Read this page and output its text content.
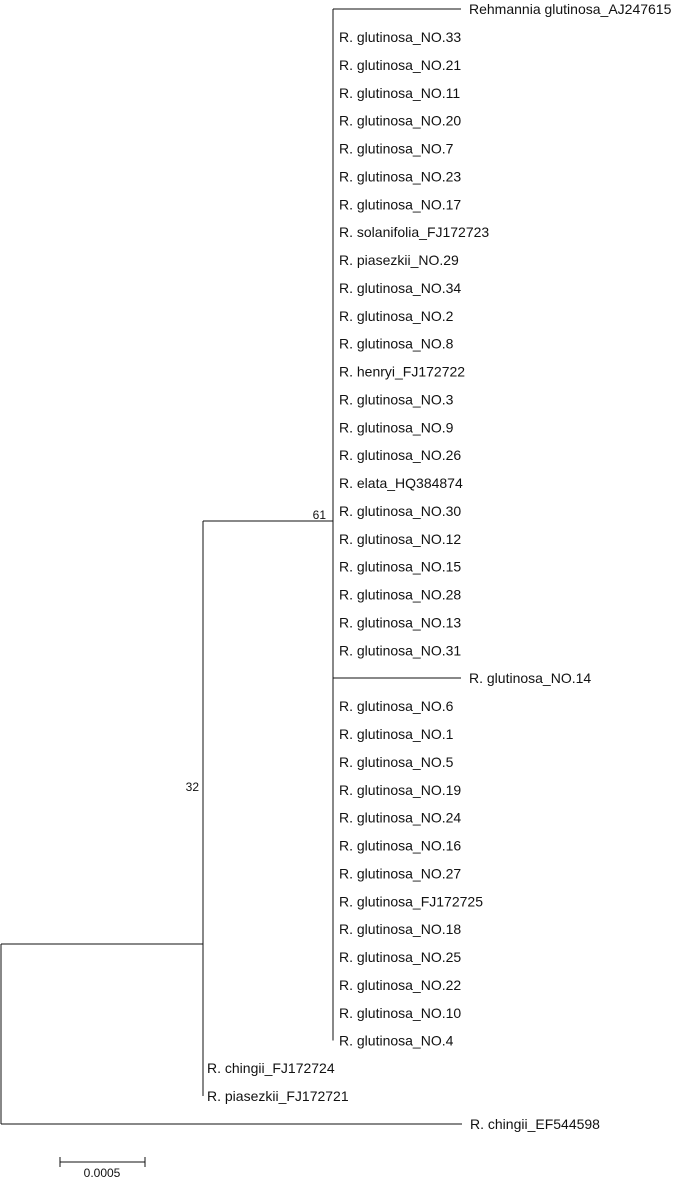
Rehmannia glutinosa_AJ247615
R. glutinosa_NO.33
R. glutinosa_NO.21
R. glutinosa_NO.11
R. glutinosa_NO.20
R. glutinosa_NO.7
R. glutinosa_NO.23
R. glutinosa_NO.17
R. solanifolia_FJ172723
R. piasezkii_NO.29
R. glutinosa_NO.34
R. glutinosa_NO.2
R. glutinosa_NO.8
R. henryi_FJ172722
R. glutinosa_NO.3
R. glutinosa_NO.9
R. glutinosa_NO.26
R. elata_HQ384874
R. glutinosa_NO.30
R. glutinosa_NO.12
R. glutinosa_NO.15
R. glutinosa_NO.28
R. glutinosa_NO.13
R. glutinosa_NO.31
R. glutinosa_NO.14
R. glutinosa_NO.6
R. glutinosa_NO.1
R. glutinosa_NO.5
R. glutinosa_NO.19
R. glutinosa_NO.24
R. glutinosa_NO.16
R. glutinosa_NO.27
R. glutinosa_FJ172725
R. glutinosa_NO.18
R. glutinosa_NO.25
R. glutinosa_NO.22
R. glutinosa_NO.10
R. glutinosa_NO.4
R. chingii_FJ172724
R. piasezkii_FJ172721
R. chingii_EF544598
61
32
0.0005
